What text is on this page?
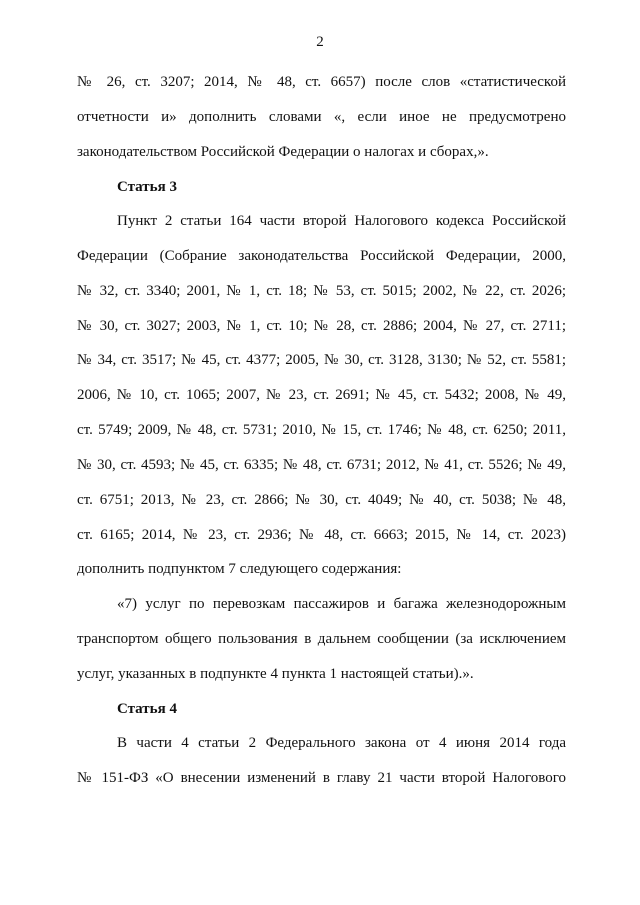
2
№ 26, ст. 3207; 2014, № 48, ст. 6657) после слов «статистической
отчетности и» дополнить словами «, если иное не предусмотрено
законодательством Российской Федерации о налогах и сборах,».
Статья 3
Пункт 2 статьи 164 части второй Налогового кодекса Российской
Федерации (Собрание законодательства Российской Федерации, 2000,
№ 32, ст. 3340; 2001, № 1, ст. 18; № 53, ст. 5015; 2002, № 22, ст. 2026;
№ 30, ст. 3027; 2003, № 1, ст. 10; № 28, ст. 2886; 2004, № 27, ст. 2711;
№ 34, ст. 3517; № 45, ст. 4377; 2005, № 30, ст. 3128, 3130; № 52, ст. 5581;
2006, № 10, ст. 1065; 2007, № 23, ст. 2691; № 45, ст. 5432; 2008, № 49,
ст. 5749; 2009, № 48, ст. 5731; 2010, № 15, ст. 1746; № 48, ст. 6250; 2011,
№ 30, ст. 4593; № 45, ст. 6335; № 48, ст. 6731; 2012, № 41, ст. 5526; № 49,
ст. 6751; 2013, № 23, ст. 2866; № 30, ст. 4049; № 40, ст. 5038; № 48,
ст. 6165; 2014, № 23, ст. 2936; № 48, ст. 6663; 2015, № 14, ст. 2023)
дополнить подпунктом 7 следующего содержания:
«7) услуг по перевозкам пассажиров и багажа железнодорожным
транспортом общего пользования в дальнем сообщении (за исключением
услуг, указанных в подпункте 4 пункта 1 настоящей статьи).».
Статья 4
В части 4 статьи 2 Федерального закона от 4 июня 2014 года
№ 151-ФЗ «О внесении изменений в главу 21 части второй Налогового
